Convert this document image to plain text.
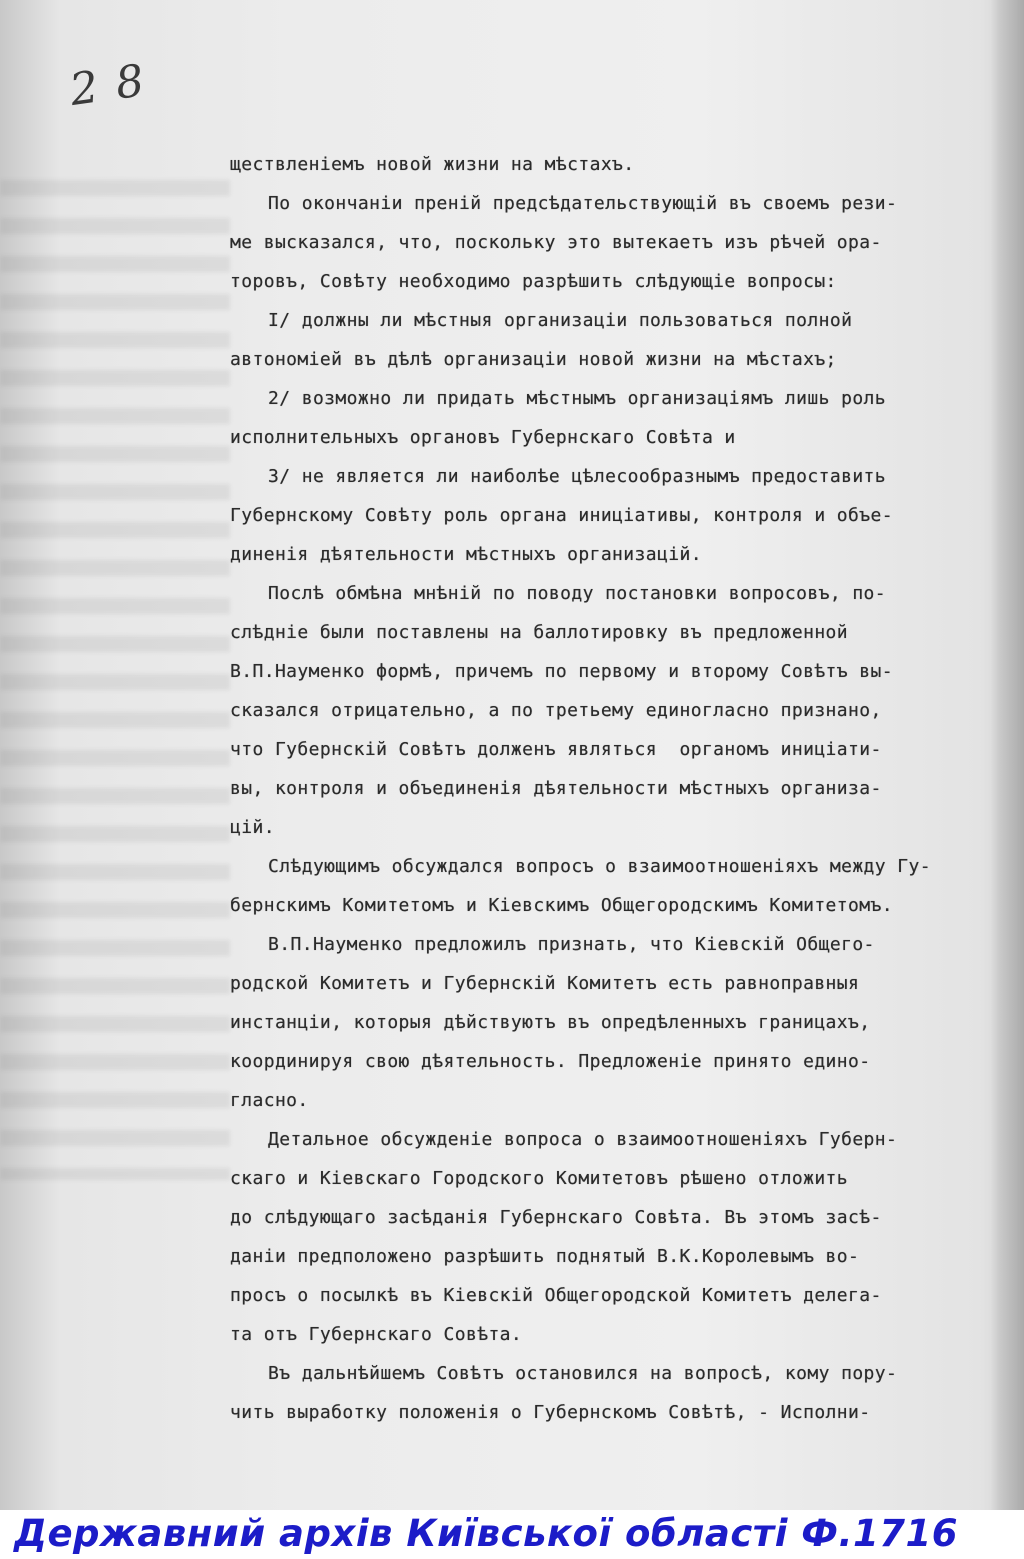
2 8
ществленіемъ новой жизни на мѣстахъ.
По окончаніи преній предсѣдательствующій въ своемъ рези-
ме высказался, что, поскольку это вытекаетъ изъ рѣчей ора-
торовъ, Совѣту необходимо разрѣшить слѣдующіе вопросы:
І/ должны ли мѣстныя организаціи пользоваться полной
автономіей въ дѣлѣ организаціи новой жизни на мѣстахъ;
2/ возможно ли придать мѣстнымъ организаціямъ лишь роль
исполнительныхъ органовъ Губернскаго Совѣта и
3/ не является ли наиболѣе цѣлесообразнымъ предоставить
Губернскому Совѣту роль органа иниціативы, контроля и объе-
диненія дѣятельности мѣстныхъ организацій.
Послѣ обмѣна мнѣній по поводу постановки вопросовъ, по-
слѣдніе были поставлены на баллотировку въ предложенной
В.П.Науменко формѣ, причемъ по первому и второму Совѣтъ вы-
сказался отрицательно, а по третьему единогласно признано,
что Губернскій Совѣтъ долженъ являться  органомъ иниціати-
вы, контроля и объединенія дѣятельности мѣстныхъ организа-
цій.
Слѣдующимъ обсуждался вопросъ о взаимоотношеніяхъ между Гу-
бернскимъ Комитетомъ и Кіевскимъ Общегородскимъ Комитетомъ.
В.П.Науменко предложилъ признать, что Кіевскій Общего-
родской Комитетъ и Губернскій Комитетъ есть равноправныя
инстанціи, которыя дѣйствуютъ въ опредѣленныхъ границахъ,
координируя свою дѣятельность. Предложеніе принято едино-
гласно.
Детальное обсужденіе вопроса о взаимоотношеніяхъ Губерн-
скаго и Кіевскаго Городского Комитетовъ рѣшено отложить
до слѣдующаго засѣданія Губернскаго Совѣта. Въ этомъ засѣ-
даніи предположено разрѣшить поднятый В.К.Королевымъ во-
просъ о посылкѣ въ Кіевскій Общегородской Комитетъ делега-
та отъ Губернскаго Совѣта.
Въ дальнѣйшемъ Совѣтъ остановился на вопросѣ, кому пору-
чить выработку положенія о Губернскомъ Совѣтѣ, - Исполни-
Державний архів Київської області Ф.1716
